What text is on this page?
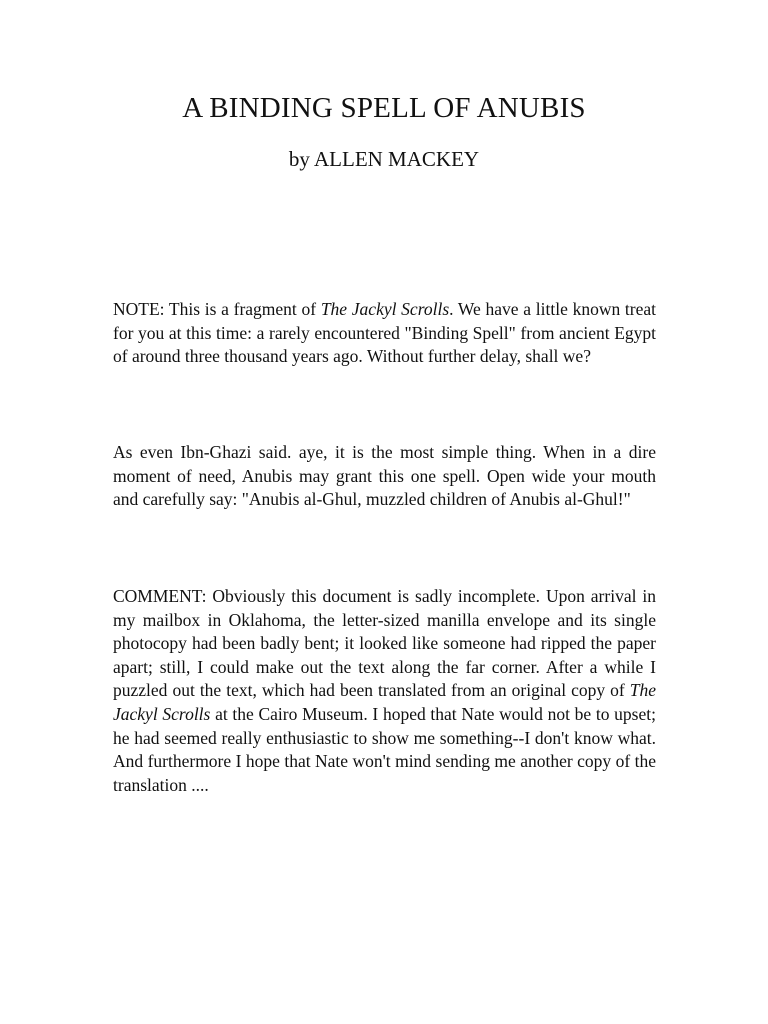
A BINDING SPELL OF ANUBIS

by ALLEN MACKEY

NOTE: This is a fragment of The Jackyl Scrolls. We have a little known treat for you at this time: a rarely encountered "Binding Spell" from ancient Egypt of around three thousand years ago. Without further delay, shall we?

As even Ibn-Ghazi said. aye, it is the most simple thing. When in a dire moment of need, Anubis may grant this one spell. Open wide your mouth and carefully say: "Anubis al-Ghul, muzzled children of Anubis al-Ghul!"

COMMENT: Obviously this document is sadly incomplete. Upon arrival in my mailbox in Oklahoma, the letter-sized manilla envelope and its single photocopy had been badly bent; it looked like someone had ripped the paper apart; still, I could make out the text along the far corner. After a while I puzzled out the text, which had been translated from an original copy of The Jackyl Scrolls at the Cairo Museum. I hoped that Nate would not be to upset; he had seemed really enthusiastic to show me something--I don't know what. And furthermore I hope that Nate won't mind sending me another copy of the translation ....
